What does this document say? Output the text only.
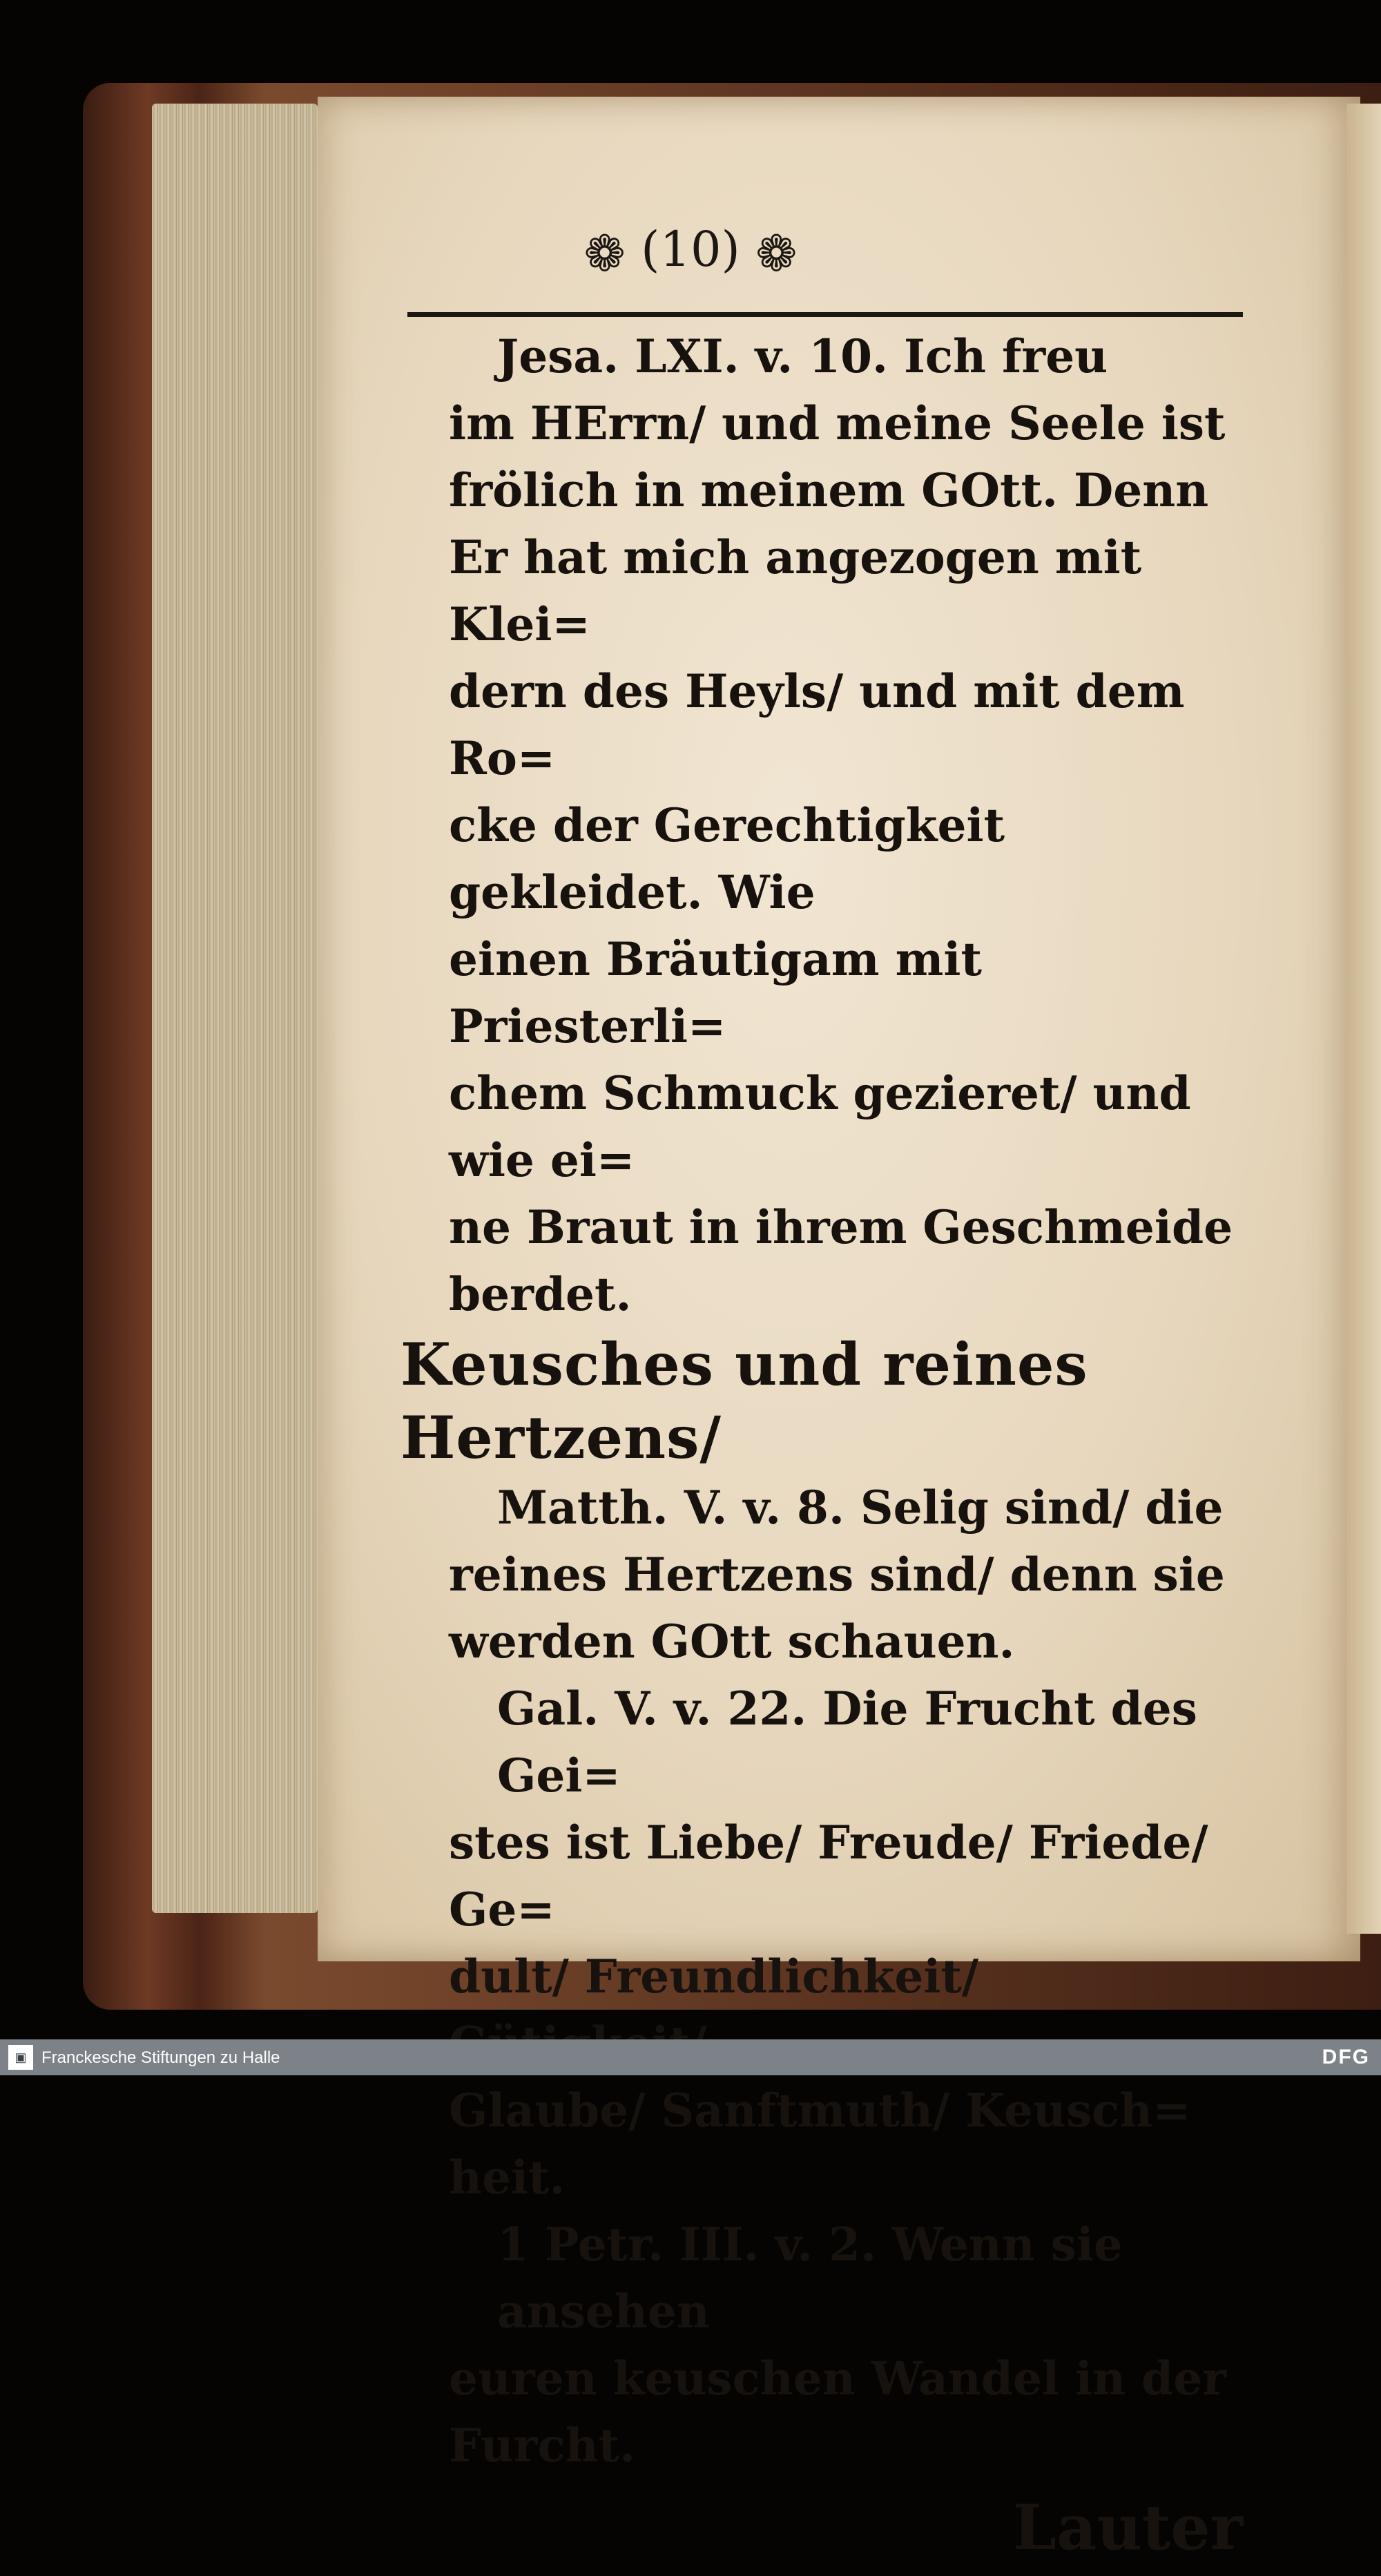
❁ (10) ❁

Jesa. LXI. v. 10. Ich freu

im HErrn/ und meine Seele ist

frölich in meinem GOtt. Denn

Er hat mich angezogen mit Klei=

dern des Heyls/ und mit dem Ro=

cke der Gerechtigkeit gekleidet. Wie

einen Bräutigam mit Priesterli=

chem Schmuck gezieret/ und wie ei=

ne Braut in ihrem Geschmeide

berdet.

Keusches und reines Hertzens/

Matth. V. v. 8. Selig sind/ die

reines Hertzens sind/ denn sie

werden GOtt schauen.

Gal. V. v. 22. Die Frucht des Gei=

stes ist Liebe/ Freude/ Friede/ Ge=

dult/ Freundlichkeit/

Glaube/ Sanftmuth/ Keusch=

heit.

1 Petr. III. v. 2. Wenn sie ansehen

euren keuschen Wandel in der

Furcht.

Lauter

▣ Franckesche Stiftungen zu Halle	DFG
